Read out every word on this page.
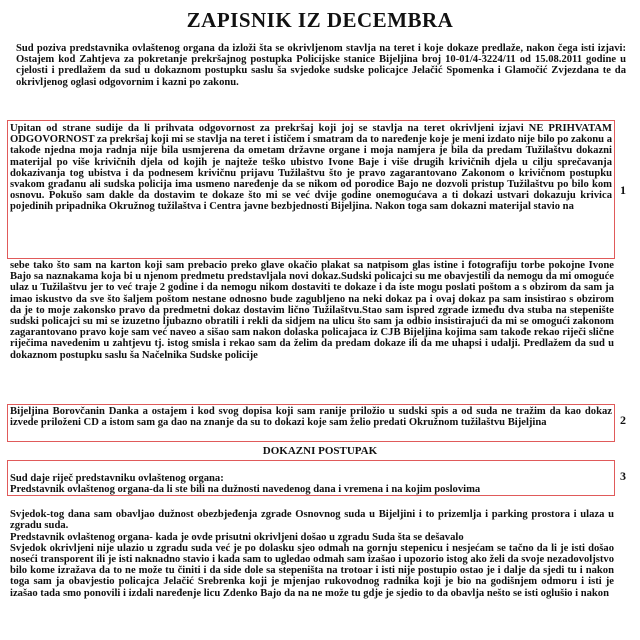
ZAPISNIK IZ DECEMBRA

Sud poziva predstavnika ovlaštenog organa da izloži šta se okrivljenom stavlja na teret i koje dokaze predlaže, nakon čega isti izjavi: Ostajem kod Zahtjeva za pokretanje prekršajnog postupka Policijske stanice Bijeljina broj 10-01/4-3224/11 od 15.08.2011 godine u cjelosti i predlažem da sud u dokaznom postupku saslu ša svjedoke sudske policajce Jelačić Spomenka i Glamočić Zvjezdana te da okrivljenog oglasi odgovornim i kazni po zakonu.

Upitan od strane sudije da li prihvata odgovornost za prekršaj koji joj se stavlja na teret okrivljeni izjavi NE PRIHVATAM ODGOVORNOST za prekršaj koji mi se stavlja na teret i ističem i smatram da to naređenje koje je meni izdato nije bilo po zakonu a takođe njedna moja radnja nije bila usmjerena da ometam državne organe i moja namjera je bila da predam Tužilaštvu dokazni materijal po više krivičnih djela od kojih je najteže teško ubistvo Ivone Baje i više drugih krivičnih djela u cilju sprečavanja dokazivanja tog ubistva i da podnesem krivičnu prijavu Tužilaštvu što je pravo zagarantovano Zakonom o krivičnom postupku svakom građanu ali sudska policija ima usmeno naređenje da se nikom od porodice Bajo ne dozvoli pristup Tužilaštvu po bilo kom osnovu. Pokušo sam dakle da dostavim te dokaze što mi se već dvije godine onemogućava a ti dokazi ustvari dokazuju krivica pojedinih pripadnika Okružnog tužilaštva i Centra javne bezbjednosti Bijeljina. Nakon toga sam dokazni materijal stavio na

1

sebe tako što sam na karton koji sam prebacio preko glave okačio plakat sa natpisom glas istine i fotografiju torbe pokojne Ivone Bajo sa naznakama koja bi u njenom predmetu predstavljala novi dokaz.Sudski policajci su me obavjestili da nemogu da mi omoguće ulaz u Tužilaštvu jer to već traje 2 godine i da nemogu nikom dostaviti te dokaze i da iste mogu poslati poštom a s obzirom da sam ja imao iskustvo da sve što šaljem poštom nestane odnosno bude zagubljeno na neki dokaz pa i ovaj dokaz pa sam insistirao s obzirom da je to moje zakonsko pravo da predmetni dokaz dostavim lično Tužilaštvu.Stao sam ispred zgrade između dva stuba na stepenište sudski policajci su mi se izuzetno ljubazno obratili i rekli da sidjem na ulicu što sam ja odbio insistirajući da mi se omogući zakonom zagarantovano pravo koje sam već naveo a sišao sam nakon dolaska policajaca iz CJB Bijeljina kojima sam takođe rekao riječi slične riječima navedenim u zahtjevu tj. istog smisla i rekao sam da želim da predam dokaze ili da me uhapsi i udalji. Predlažem da sud u dokaznom postupku saslu ša Načelnika Sudske policije

Bijeljina Borovčanin Danka a ostajem i kod svog dopisa koji sam ranije priložio u sudski spis a od suda ne tražim da kao dokaz izvede priloženi CD a istom sam ga dao na znanje da su to dokazi koje sam želio predati Okružnom tužilaštvu Bijeljina	2
DOKAZNI POSTUPAK

Sud daje riječ predstavniku ovlaštenog organa:
Predstavnik ovlaštenog organa-da li ste bili na dužnosti navedenog dana i vremena i na kojim poslovima

3

Svjedok-tog dana sam obavljao dužnost obezbjeđenja zgrade Osnovnog suda u Bijeljini i to prizemlja i parking prostora i ulaza u zgradu suda.
Predstavnik ovlaštenog organa- kada je ovde prisutni okrivljeni došao u zgradu Suda šta se dešavalo
Svjedok okrivljeni nije ulazio u zgradu suda već je po dolasku sjeo odmah na gornju stepenicu i nesjećam se tačno da li je isti došao noseći transporent ili je isti naknadno stavio i kada sam to ugledao odmah sam izašao i upozorio istog ako želi da svoje nezadovoljstvo bilo kome izražava da to ne može tu činiti i da side dole sa stepeništa na trotoar i isti nije postupio ostao je i dalje da sjedi tu i nakon toga sam ja obavjestio policajca Jelačić Srebrenka koji je mjenjao rukovodnog radnika koji je bio na godišnjem odmoru i isti je izašao tada smo ponovili i izdali naređenje licu Zdenko Bajo da na ne može tu gdje je sjedio to da obavlja nešto se isti oglušio i nakon
